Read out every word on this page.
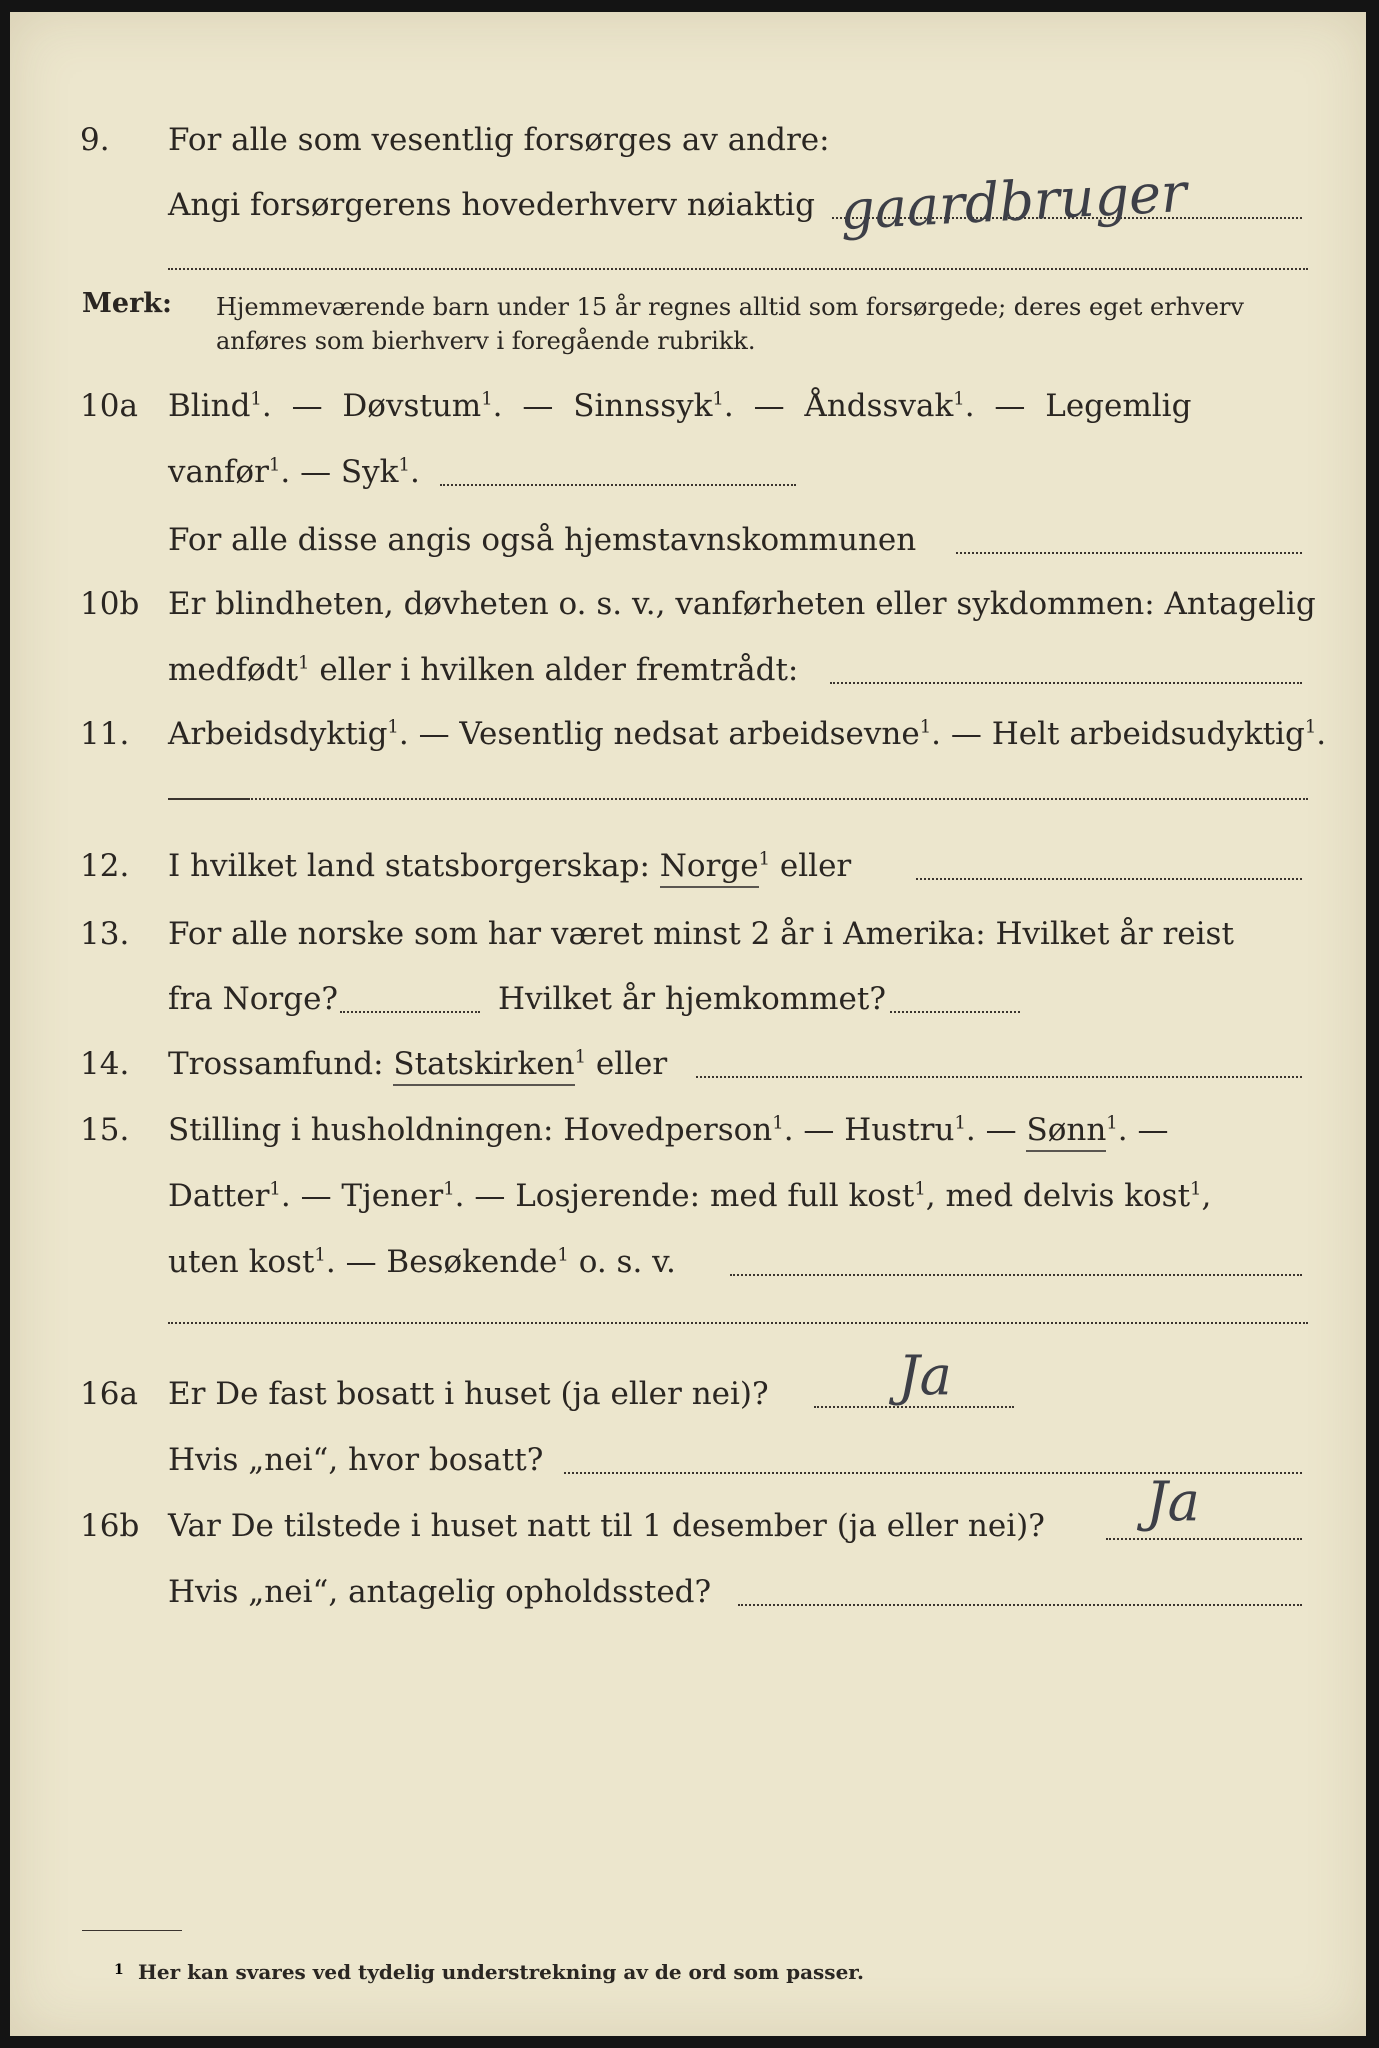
9. For alle som vesentlig forsørges av andre:
Angi forsørgerens hovederhverv nøiaktig gaardbruger
Merk: Hjemmeværende barn under 15 år regnes alltid som forsørgede; deres eget erhverv
anføres som bierhverv i foregående rubrikk.
10a Blind$^1$. — Døvstum$^1$. — Sinnssyk$^1$. — Åndssvak$^1$. — Legemlig
vanfør$^1$. — Syk$^1$.
For alle disse angis også hjemstavnskommunen
10b Er blindheten, døvheten o. s. v., vanførheten eller sykdommen: Antagelig
medfødt$^1$ eller i hvilken alder fremtrådt:
11. Arbeidsdyktig$^1$. — Vesentlig nedsat arbeidsevne$^1$. — Helt arbeidsudyktig$^1$.
12. I hvilket land statsborgerskap: Norge$^1$ eller
13. For alle norske som har været minst 2 år i Amerika: Hvilket år reist
fra Norge?	Hvilket år hjemkommet?
14. Trossamfund: Statskirken$^1$ eller
15. Stilling i husholdningen: Hovedperson$^1$. — Hustru$^1$. — Sønn$^1$. —
Datter$^1$. — Tjener$^1$. — Losjerende: med full kost$^1$, med delvis kost$^1$,
uten kost$^1$. — Besøkende$^1$ o. s. v.
16a Er De fast bosatt i huset (ja eller nei)? Ja
Hvis „nei“, hvor bosatt?
16b Var De tilstede i huset natt til 1 desember (ja eller nei)? Ja
Hvis „nei“, antagelig opholdssted?
1 Her kan svares ved tydelig understrekning av de ord som passer.
